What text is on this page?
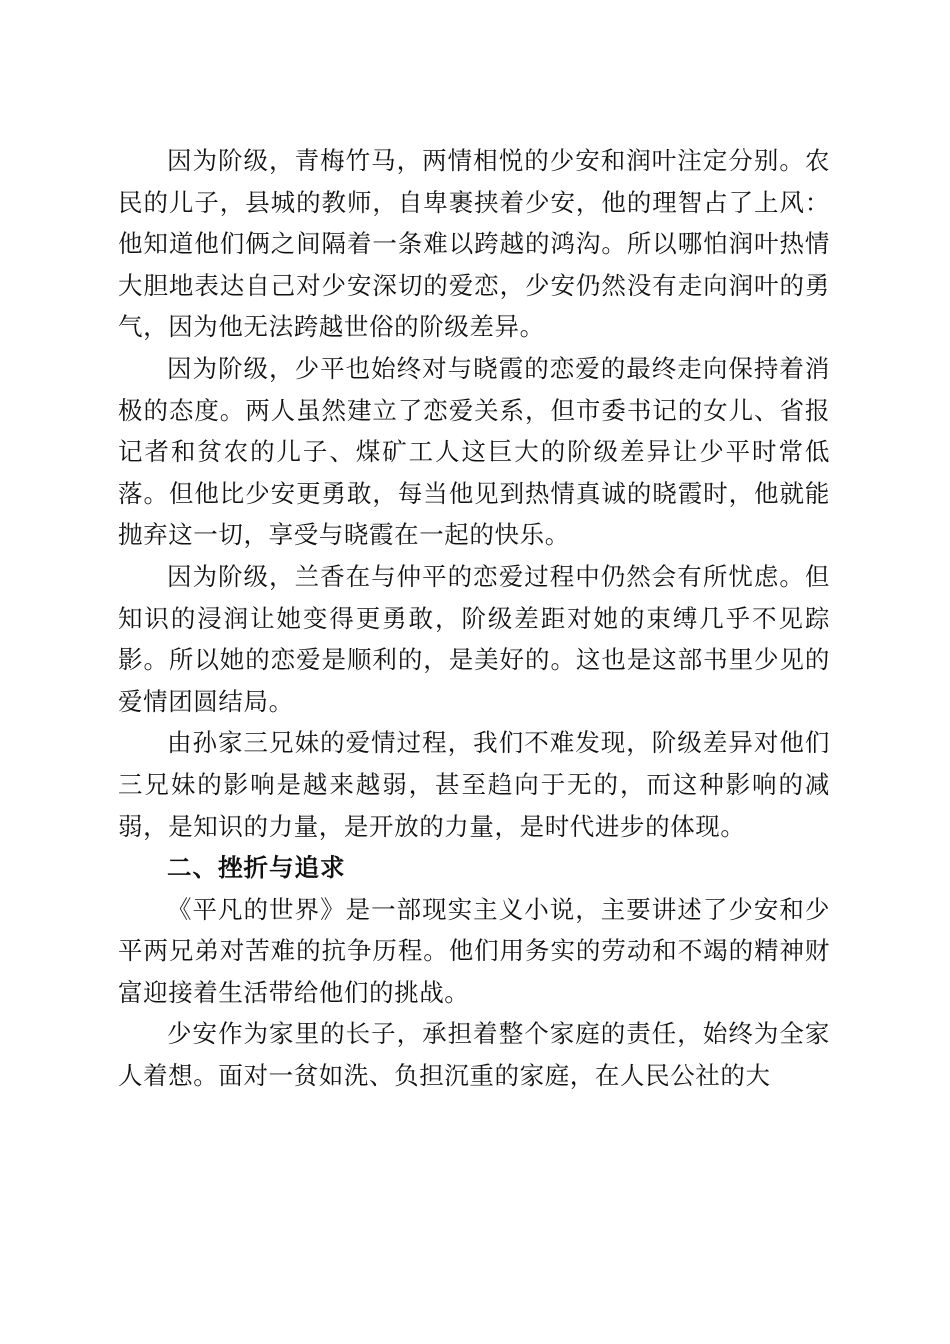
因为阶级，青梅竹马，两情相悦的少安和润叶注定分别。农民的儿子，县城的教师，自卑裹挟着少安，他的理智占了上风：他知道他们俩之间隔着一条难以跨越的鸿沟。所以哪怕润叶热情大胆地表达自己对少安深切的爱恋，少安仍然没有走向润叶的勇气，因为他无法跨越世俗的阶级差异。

因为阶级，少平也始终对与晓霞的恋爱的最终走向保持着消极的态度。两人虽然建立了恋爱关系，但市委书记的女儿、省报记者和贫农的儿子、煤矿工人这巨大的阶级差异让少平时常低落。但他比少安更勇敢，每当他见到热情真诚的晓霞时，他就能抛弃这一切，享受与晓霞在一起的快乐。

因为阶级，兰香在与仲平的恋爱过程中仍然会有所忧虑。但知识的浸润让她变得更勇敢，阶级差距对她的束缚几乎不见踪影。所以她的恋爱是顺利的，是美好的。这也是这部书里少见的爱情团圆结局。

由孙家三兄妹的爱情过程，我们不难发现，阶级差异对他们三兄妹的影响是越来越弱，甚至趋向于无的，而这种影响的减弱，是知识的力量，是开放的力量，是时代进步的体现。

二、挫折与追求

《平凡的世界》是一部现实主义小说，主要讲述了少安和少平两兄弟对苦难的抗争历程。他们用务实的劳动和不竭的精神财富迎接着生活带给他们的挑战。

少安作为家里的长子，承担着整个家庭的责任，始终为全家人着想。面对一贫如洗、负担沉重的家庭，在人民公社的大
